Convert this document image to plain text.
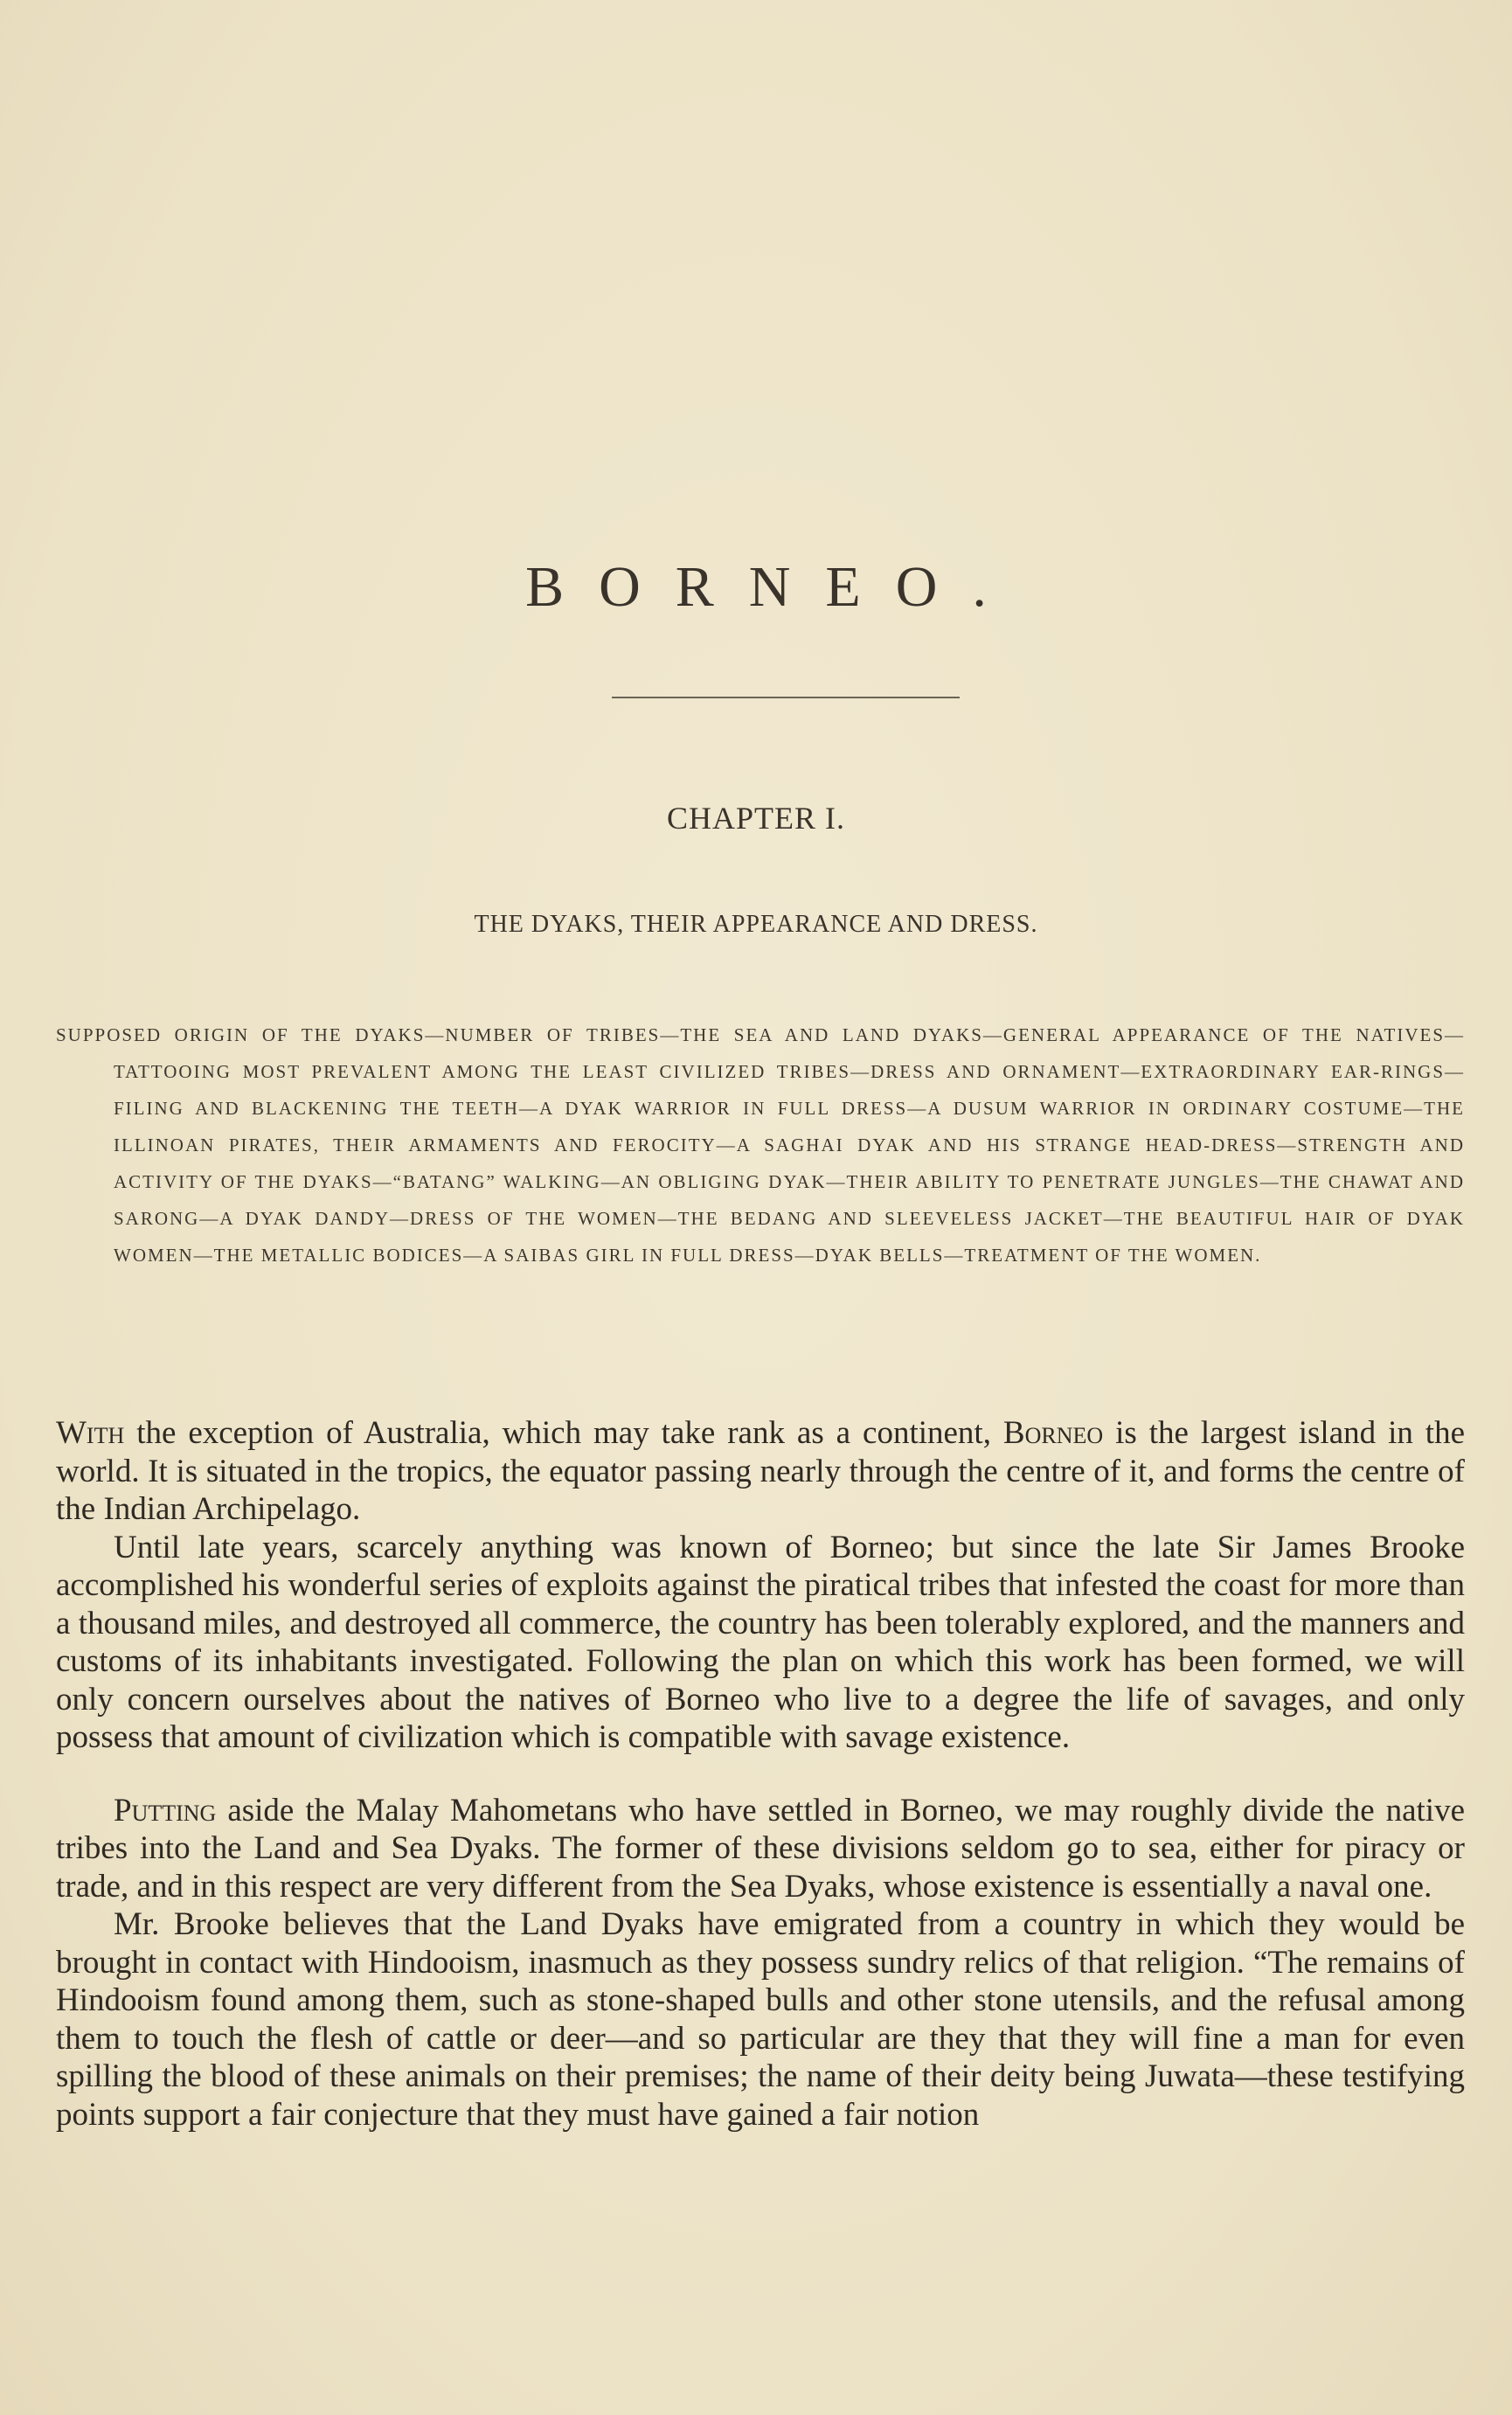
BORNEO.
CHAPTER I.
THE DYAKS, THEIR APPEARANCE AND DRESS.
SUPPOSED ORIGIN OF THE DYAKS—NUMBER OF TRIBES—THE SEA AND LAND DYAKS—GENERAL APPEARANCE OF THE NATIVES—TATTOOING MOST PREVALENT AMONG THE LEAST CIVILIZED TRIBES—DRESS AND ORNAMENT—EXTRAORDINARY EAR-RINGS—FILING AND BLACKENING THE TEETH—A DYAK WARRIOR IN FULL DRESS—A DUSUM WARRIOR IN ORDINARY COSTUME—THE ILLINOAN PIRATES, THEIR ARMAMENTS AND FEROCITY—A SAGHAI DYAK AND HIS STRANGE HEAD-DRESS—STRENGTH AND ACTIVITY OF THE DYAKS—“BATANG” WALKING—AN OBLIGING DYAK—THEIR ABILITY TO PENETRATE JUNGLES—THE CHAWAT AND SARONG—A DYAK DANDY—DRESS OF THE WOMEN—THE BEDANG AND SLEEVELESS JACKET—THE BEAUTIFUL HAIR OF DYAK WOMEN—THE METALLIC BODICES—A SAIBAS GIRL IN FULL DRESS—DYAK BELLS—TREATMENT OF THE WOMEN.

With the exception of Australia, which may take rank as a continent, Borneo is the largest island in the world. It is situated in the tropics, the equator passing nearly through the centre of it, and forms the centre of the Indian Archipelago.

Until late years, scarcely anything was known of Borneo; but since the late Sir James Brooke accomplished his wonderful series of exploits against the piratical tribes that infested the coast for more than a thousand miles, and destroyed all commerce, the country has been tolerably explored, and the manners and customs of its inhabitants investigated. Following the plan on which this work has been formed, we will only concern ourselves about the natives of Borneo who live to a degree the life of savages, and only possess that amount of civilization which is compatible with savage existence.

Putting aside the Malay Mahometans who have settled in Borneo, we may roughly divide the native tribes into the Land and Sea Dyaks. The former of these divisions seldom go to sea, either for piracy or trade, and in this respect are very different from the Sea Dyaks, whose existence is essentially a naval one.

Mr. Brooke believes that the Land Dyaks have emigrated from a country in which they would be brought in contact with Hindooism, inasmuch as they possess sundry relics of that religion. “The remains of Hindooism found among them, such as stone-shaped bulls and other stone utensils, and the refusal among them to touch the flesh of cattle or deer—and so particular are they that they will fine a man for even spilling the blood of these animals on their premises; the name of their deity being Juwata—these testifying points support a fair conjecture that they must have gained a fair notion
